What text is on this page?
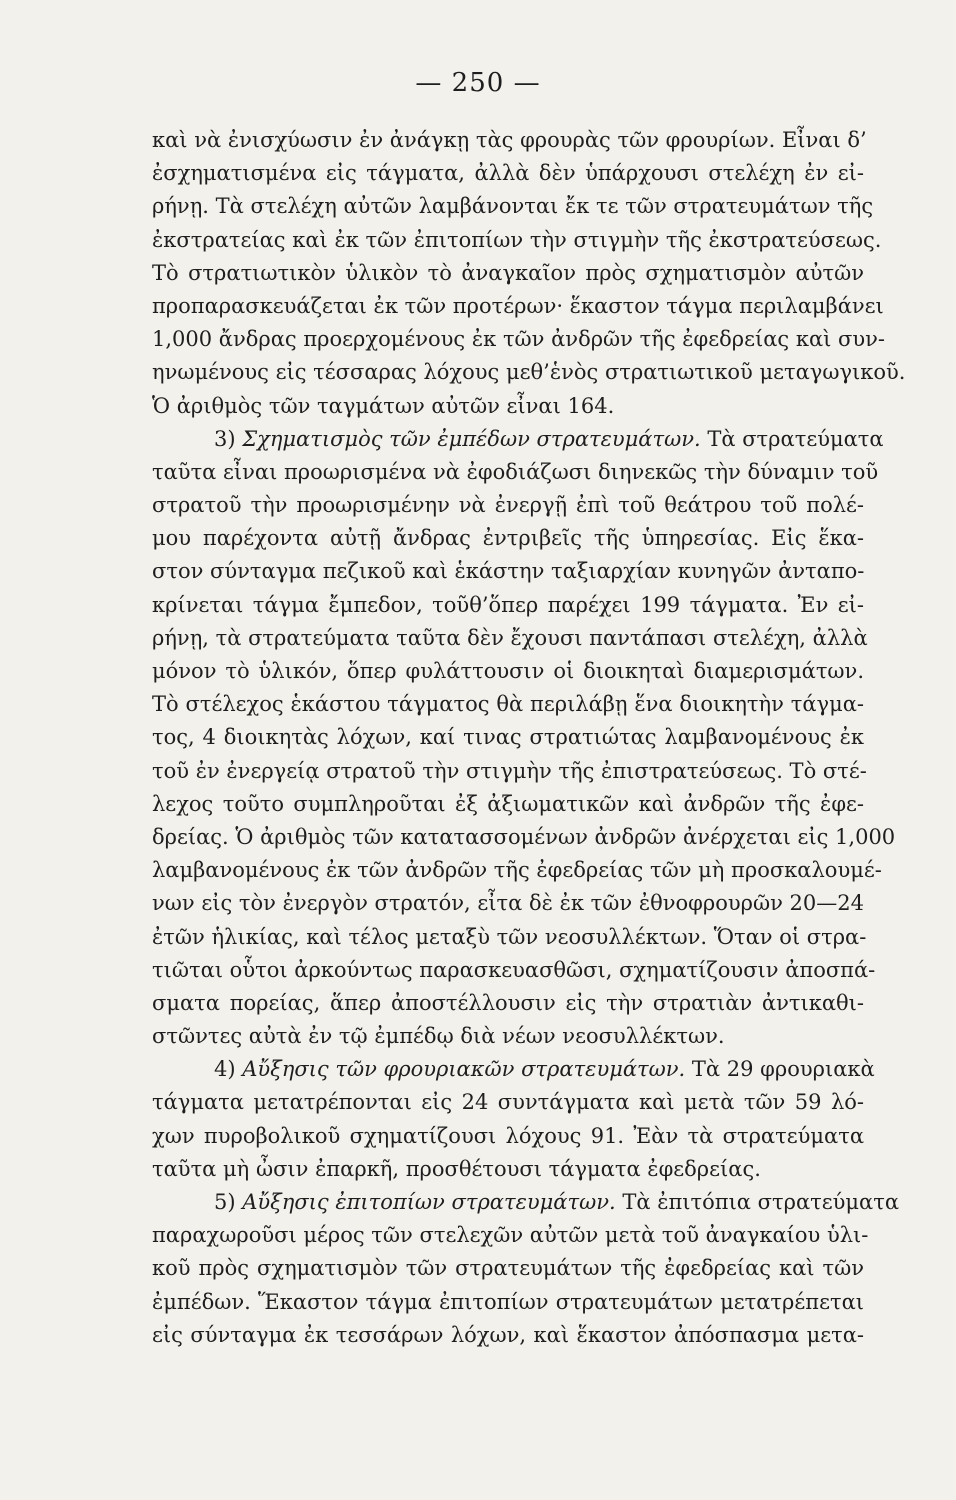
— 250 —
καὶ νὰ ἐνισχύωσιν ἐν ἀνάγκῃ τὰς φρουρὰς τῶν φρουρίων. Εἶναι δ’
ἐσχηματισμένα εἰς τάγματα, ἀλλὰ δὲν ὑπάρχουσι στελέχη ἐν εἰ-
ρήνῃ. Τὰ στελέχη αὐτῶν λαμβάνονται ἔκ τε τῶν στρατευμάτων τῆς
ἐκστρατείας καὶ ἐκ τῶν ἐπιτοπίων τὴν στιγμὴν τῆς ἐκστρατεύσεως.
Τὸ στρατιωτικὸν ὑλικὸν τὸ ἀναγκαῖον πρὸς σχηματισμὸν αὐτῶν
προπαρασκευάζεται ἐκ τῶν προτέρων· ἕκαστον τάγμα περιλαμβάνει
1,000 ἄνδρας προερχομένους ἐκ τῶν ἀνδρῶν τῆς ἐφεδρείας καὶ συν-
ηνωμένους εἰς τέσσαρας λόχους μεθ’ἑνὸς στρατιωτικοῦ μεταγωγικοῦ.
Ὁ ἀριθμὸς τῶν ταγμάτων αὐτῶν εἶναι 164.
3) Σχηματισμὸς τῶν ἐμπέδων στρατευμάτων. Τὰ στρατεύματα
ταῦτα εἶναι προωρισμένα νὰ ἐφοδιάζωσι διηνεκῶς τὴν δύναμιν τοῦ
στρατοῦ τὴν προωρισμένην νὰ ἐνεργῇ ἐπὶ τοῦ θεάτρου τοῦ πολέ-
μου παρέχοντα αὐτῇ ἄνδρας ἐντριβεῖς τῆς ὑπηρεσίας. Εἰς ἕκα-
στον σύνταγμα πεζικοῦ καὶ ἑκάστην ταξιαρχίαν κυνηγῶν ἀνταπο-
κρίνεται τάγμα ἔμπεδον, τοῦθ’ὅπερ παρέχει 199 τάγματα. Ἐν εἰ-
ρήνῃ, τὰ στρατεύματα ταῦτα δὲν ἔχουσι παντάπασι στελέχη, ἀλλὰ
μόνον τὸ ὑλικόν, ὅπερ φυλάττουσιν οἱ διοικηταὶ διαμερισμάτων.
Τὸ στέλεχος ἑκάστου τάγματος θὰ περιλάβῃ ἕνα διοικητὴν τάγμα-
τος, 4 διοικητὰς λόχων, καί τινας στρατιώτας λαμβανομένους ἐκ
τοῦ ἐν ἐνεργείᾳ στρατοῦ τὴν στιγμὴν τῆς ἐπιστρατεύσεως. Τὸ στέ-
λεχος τοῦτο συμπληροῦται ἐξ ἀξιωματικῶν καὶ ἀνδρῶν τῆς ἐφε-
δρείας. Ὁ ἀριθμὸς τῶν κατατασσομένων ἀνδρῶν ἀνέρχεται εἰς 1,000
λαμβανομένους ἐκ τῶν ἀνδρῶν τῆς ἐφεδρείας τῶν μὴ προσκαλουμέ-
νων εἰς τὸν ἐνεργὸν στρατόν, εἶτα δὲ ἐκ τῶν ἐθνοφρουρῶν 20—24
ἐτῶν ἡλικίας, καὶ τέλος μεταξὺ τῶν νεοσυλλέκτων. Ὅταν οἱ στρα-
τιῶται οὗτοι ἀρκούντως παρασκευασθῶσι, σχηματίζουσιν ἀποσπά-
σματα πορείας, ἅπερ ἀποστέλλουσιν εἰς τὴν στρατιὰν ἀντικαθι-
στῶντες αὐτὰ ἐν τῷ ἐμπέδῳ διὰ νέων νεοσυλλέκτων.
4) Αὔξησις τῶν φρουριακῶν στρατευμάτων. Τὰ 29 φρουριακὰ
τάγματα μετατρέπονται εἰς 24 συντάγματα καὶ μετὰ τῶν 59 λό-
χων πυροβολικοῦ σχηματίζουσι λόχους 91. Ἐὰν τὰ στρατεύματα
ταῦτα μὴ ὦσιν ἐπαρκῆ, προσθέτουσι τάγματα ἐφεδρείας.
5) Αὔξησις ἐπιτοπίων στρατευμάτων. Τὰ ἐπιτόπια στρατεύματα
παραχωροῦσι μέρος τῶν στελεχῶν αὐτῶν μετὰ τοῦ ἀναγκαίου ὑλι-
κοῦ πρὸς σχηματισμὸν τῶν στρατευμάτων τῆς ἐφεδρείας καὶ τῶν
ἐμπέδων. Ἕκαστον τάγμα ἐπιτοπίων στρατευμάτων μετατρέπεται
εἰς σύνταγμα ἐκ τεσσάρων λόχων, καὶ ἕκαστον ἀπόσπασμα μετα-
